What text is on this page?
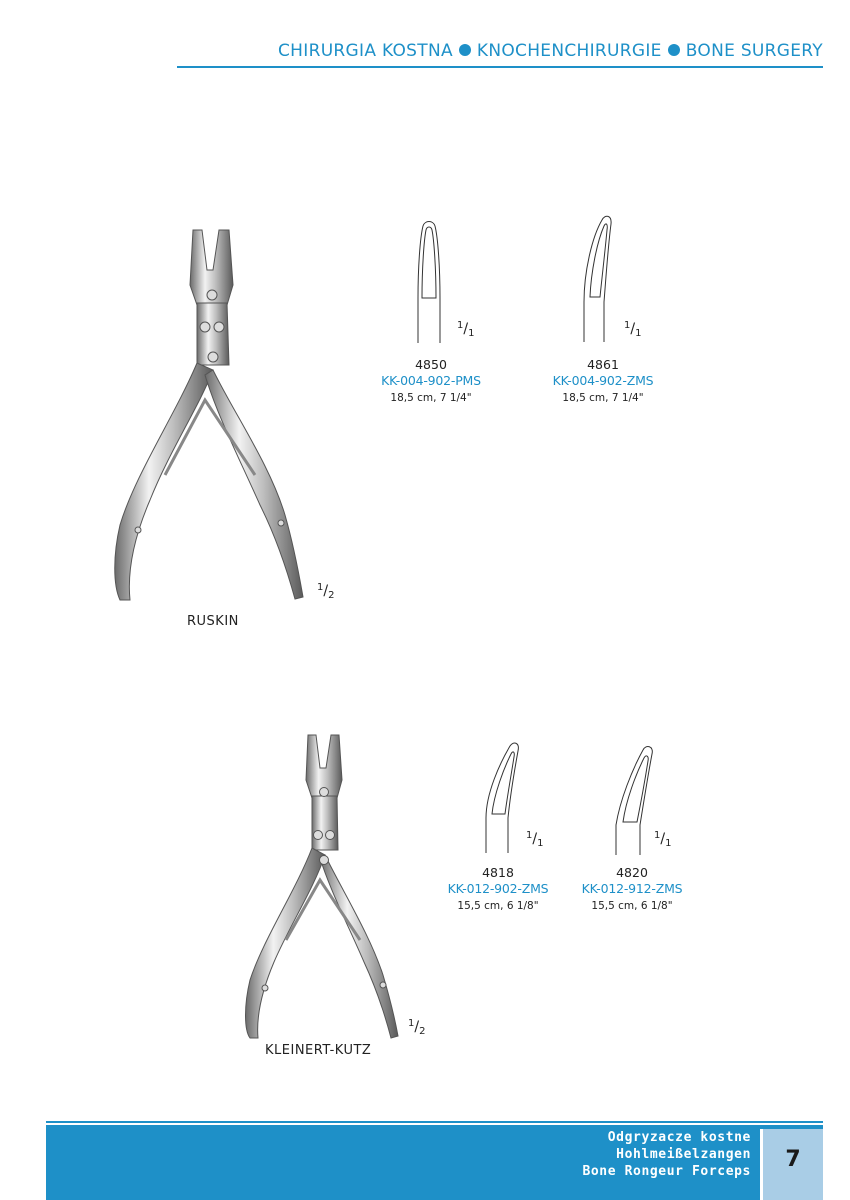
CHIRURGIA KOSTNA KNOCHENCHIRURGIE BONE SURGERY
$^1/_2$
RUSKIN
$^1/_1$
4850
KK-004-902-PMS
18,5 cm, 7 1/4"
$^1/_1$
4861
KK-004-902-ZMS
18,5 cm, 7 1/4"
$^1/_2$
KLEINERT-KUTZ
$^1/_1$
4818
KK-012-902-ZMS
15,5 cm, 6 1/8"
$^1/_1$
4820
KK-012-912-ZMS
15,5 cm, 6 1/8"
Odgryzacze kostne
Hohlmeißelzangen
Bone Rongeur Forceps	7
